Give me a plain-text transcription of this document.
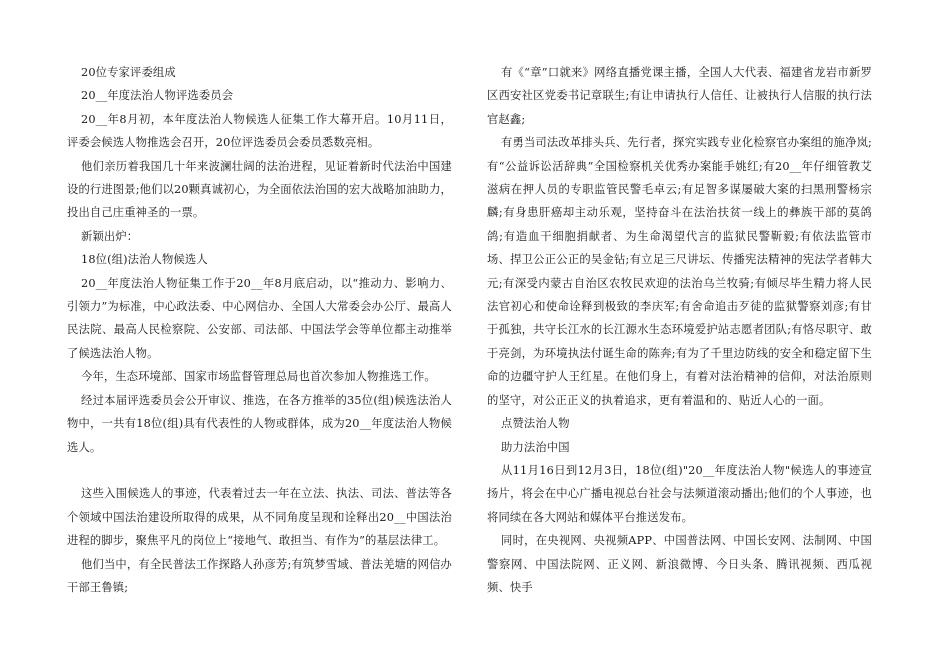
20位专家评委组成

20__年度法治人物评选委员会

20__年8月初，本年度法治人物候选人征集工作大幕开启。10月11日，评委会候选人物推选会召开，20位评选委员会委员悉数亮相。

他们亲历着我国几十年来波澜壮阔的法治进程，见证着新时代法治中国建设的行进图景;他们以20颗真诚初心，为全面依法治国的宏大战略加油助力，投出自己庄重神圣的一票。

新颖出炉：

18位(组)法治人物候选人

20__年度法治人物征集工作于20__年8月底启动，以“推动力、影响力、引领力”为标准，中心政法委、中心网信办、全国人大常委会办公厅、最高人民法院、最高人民检察院、公安部、司法部、中国法学会等单位都主动推举了候选法治人物。

今年，生态环境部、国家市场监督管理总局也首次参加人物推选工作。

经过本届评选委员会公开审议、推选，在各方推举的35位(组)候选法治人物中，一共有18位(组)具有代表性的人物或群体，成为20__年度法治人物候选人。

这些入围候选人的事迹，代表着过去一年在立法、执法、司法、普法等各个领域中国法治建设所取得的成果，从不同角度呈现和诠释出20__中国法治进程的脚步，聚焦平凡的岗位上“接地气、敢担当、有作为”的基层法律工。

他们当中，有全民普法工作探路人孙彦芳;有筑梦雪域、普法羌塘的网信办干部王鲁镇;

有《“章”口就来》网络直播党课主播，全国人大代表、福建省龙岩市新罗区西安社区党委书记章联生;有让申请执行人信任、让被执行人信服的执行法官赵鑫;

有勇当司法改革排头兵、先行者，探究实践专业化检察官办案组的施净岚;有“公益诉讼活辞典”全国检察机关优秀办案能手姚红;有20__年仔细管教艾滋病在押人员的专职监管民警毛卓云;有足智多谋屡破大案的扫黑刑警杨宗麟;有身患肝癌却主动乐观，坚持奋斗在法治扶贫一线上的彝族干部的莫鸽鸽;有造血干细胞捐献者、为生命渴望代言的监狱民警靳毅;有依法监管市场、捍卫公正公正的吴金钻;有立足三尺讲坛、传播宪法精神的宪法学者韩大元;有深受内蒙古自治区农牧民欢迎的法治乌兰牧骑;有倾尽毕生精力将人民法官初心和使命诠释到极致的李庆军;有舍命追击歹徒的监狱警察刘彦;有甘于孤独，共守长江水的长江源水生态环境爱护站志愿者团队;有恪尽职守、敢于亮剑，为环境执法付诞生命的陈奔;有为了千里边防线的安全和稳定留下生命的边疆守护人王红星。在他们身上，有着对法治精神的信仰，对法治原则的坚守，对公正正义的执着追求，更有着温和的、贴近人心的一面。

点赞法治人物

助力法治中国

从11月16日到12月3日，18位(组)"20__年度法治人物"候选人的事迹宣扬片，将会在中心广播电视总台社会与法频道滚动播出;他们的个人事迹，也将同续在各大网站和媒体平台推送发布。

同时，在央视网、央视频APP、中国普法网、中国长安网、法制网、中国警察网、中国法院网、正义网、新浪微博、今日头条、腾讯视频、西瓜视频、快手
